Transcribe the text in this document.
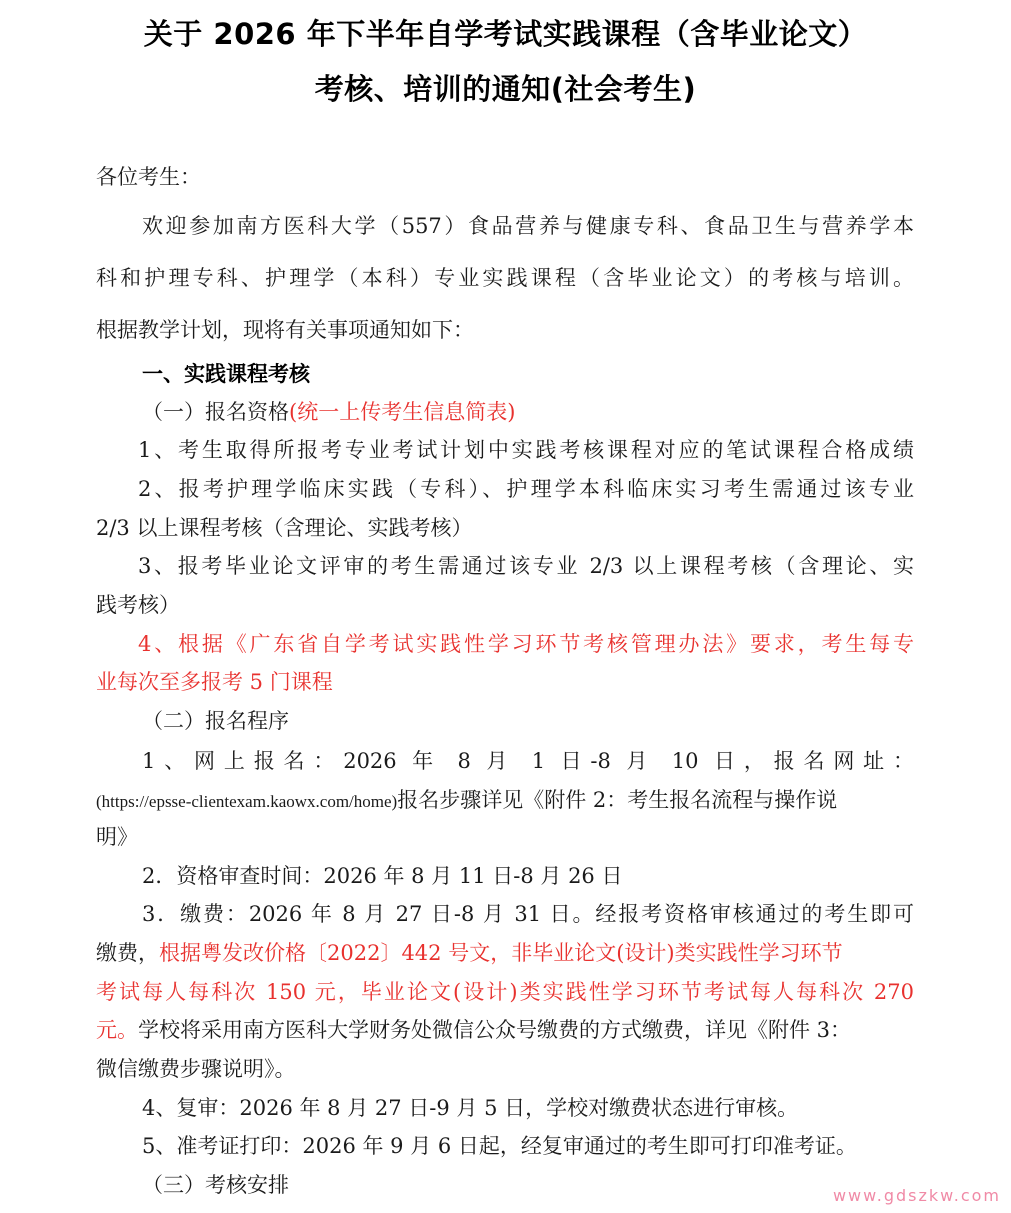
关于 2026 年下半年自学考试实践课程（含毕业论文）
考核、培训的通知(社会考生)
各位考生：
欢迎参加南方医科大学（557）食品营养与健康专科、食品卫生与营养学本
科和护理专科、护理学（本科）专业实践课程（含毕业论文）的考核与培训。
根据教学计划，现将有关事项通知如下：
一、实践课程考核
（一）报名资格(统一上传考生信息简表)
1、考生取得所报考专业考试计划中实践考核课程对应的笔试课程合格成绩
2、报考护理学临床实践（专科）、护理学本科临床实习考生需通过该专业
2/3 以上课程考核（含理论、实践考核）
3、报考毕业论文评审的考生需通过该专业 2/3 以上课程考核（含理论、实
践考核）
4、根据《广东省自学考试实践性学习环节考核管理办法》要求，考生每专
业每次至多报考 5 门课程
（二）报名程序
1、网上报名：2026 年 8 月 1 日-8 月 10 日，报名网址：
(https://epsse-clientexam.kaowx.com/home)报名步骤详见《附件 2：考生报名流程与操作说
明》
2．资格审查时间：2026 年 8 月 11 日-8 月 26 日
3．缴费：2026 年 8 月 27 日-8 月 31 日。经报考资格审核通过的考生即可
缴费，根据粤发改价格〔2022〕442 号文，非毕业论文(设计)类实践性学习环节
考试每人每科次 150 元，毕业论文(设计)类实践性学习环节考试每人每科次 270
元。学校将采用南方医科大学财务处微信公众号缴费的方式缴费，详见《附件 3：
微信缴费步骤说明》。
4、复审：2026 年 8 月 27 日-9 月 5 日，学校对缴费状态进行审核。
5、准考证打印：2026 年 9 月 6 日起，经复审通过的考生即可打印准考证。
（三）考核安排	www.gdszkw.com
